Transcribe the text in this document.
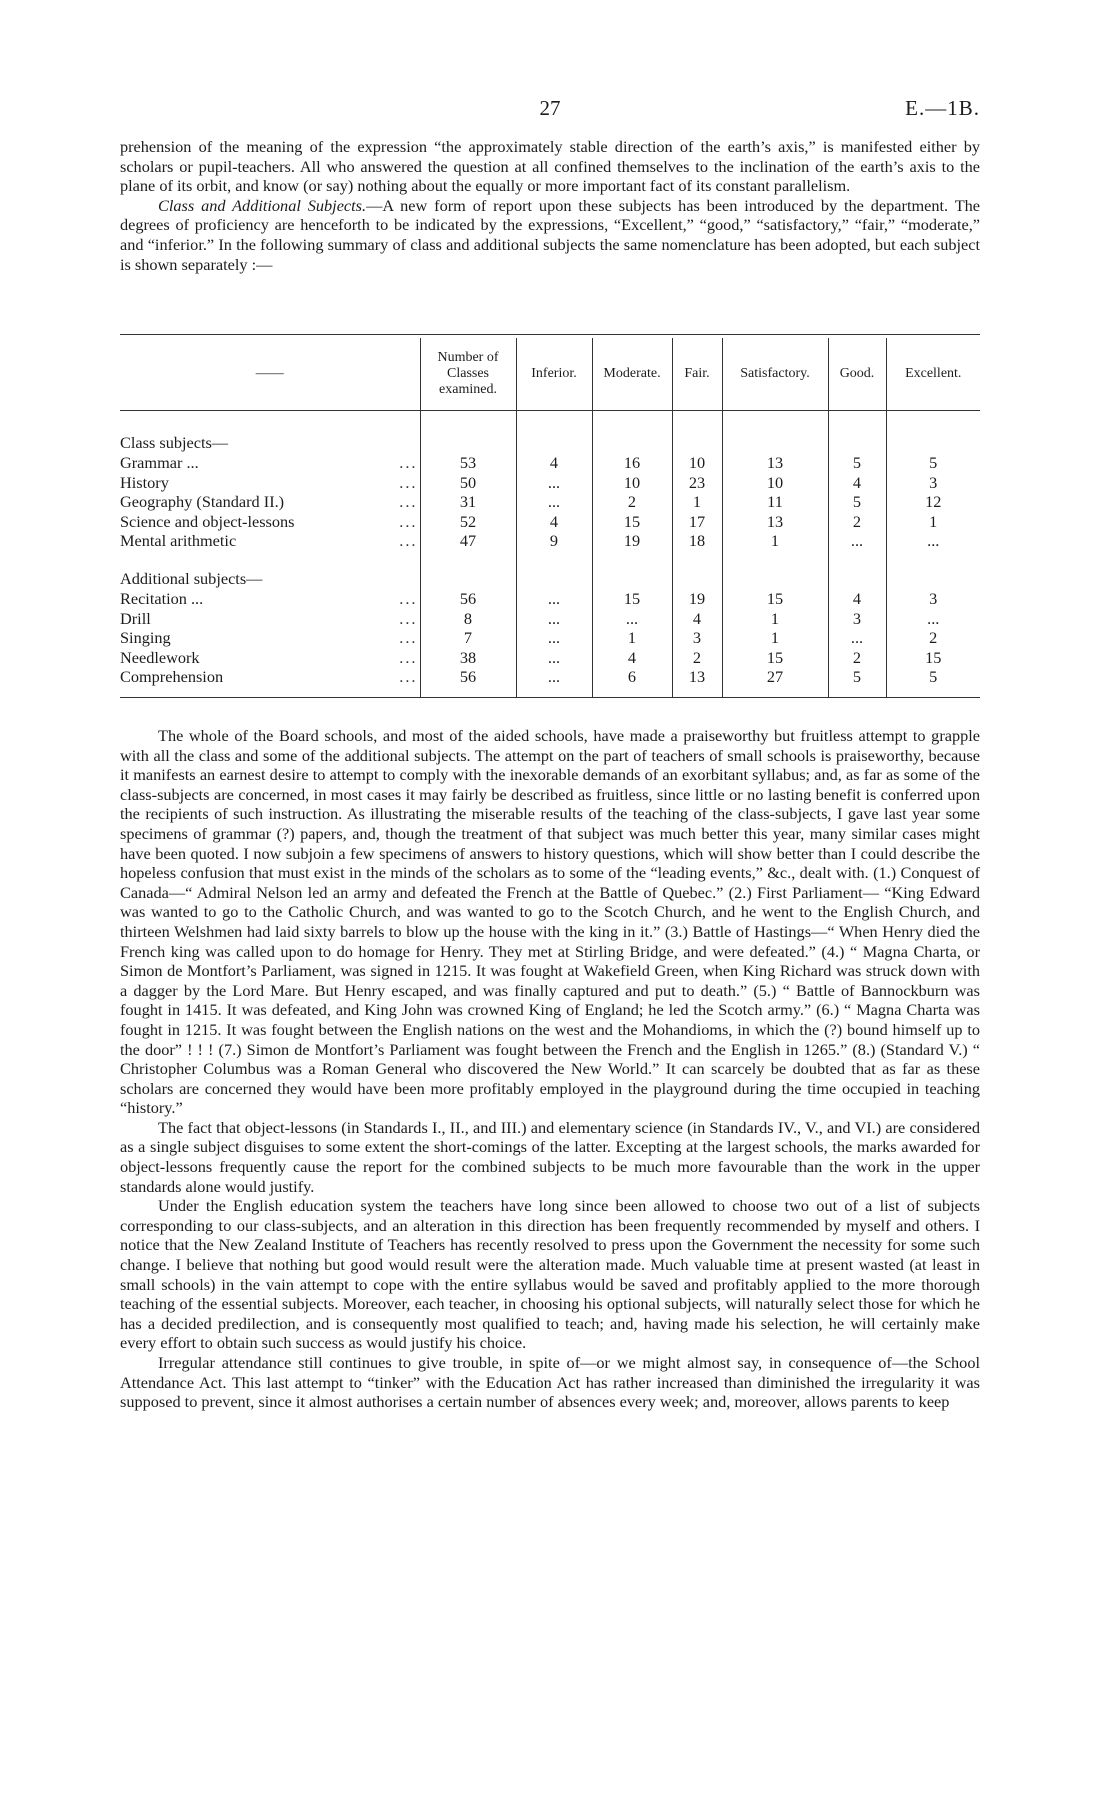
27	E.—1B.

prehension of the meaning of the expression “the approximately stable direction of the earth’s axis,” is manifested either by scholars or pupil-teachers. All who answered the question at all confined themselves to the inclination of the earth’s axis to the plane of its orbit, and know (or say) nothing about the equally or more important fact of its constant parallelism.

Class and Additional Subjects.—A new form of report upon these subjects has been introduced by the department. The degrees of proficiency are henceforth to be indicated by the expressions, “Excellent,” “good,” “satisfactory,” “fair,” “moderate,” and “inferior.” In the following summary of class and additional subjects the same nomenclature has been adopted, but each subject is shown separately :—

——	Number of Classes examined.	Inferior.	Moderate.	Fair.	Satisfactory.	Good.	Excellent.

Class subjects—							
Grammar ... ...	53	4	16	10	13	5	5
History ...	50	...	10	23	10	4	3
Geography (Standard II.) ...	31	...	2	1	11	5	12
Science and object-lessons ...	52	4	15	17	13	2	1
Mental arithmetic ...	47	9	19	18	1	...	...

Additional subjects—							
Recitation ... ...	56	...	15	19	15	4	3
Drill ...	8	...	...	4	1	3	...
Singing ...	7	...	1	3	1	...	2
Needlework ...	38	...	4	2	15	2	15
Comprehension ...	56	...	6	13	27	5	5

The whole of the Board schools, and most of the aided schools, have made a praiseworthy but fruitless attempt to grapple with all the class and some of the additional subjects. The attempt on the part of teachers of small schools is praiseworthy, because it manifests an earnest desire to attempt to comply with the inexorable demands of an exorbitant syllabus; and, as far as some of the class-subjects are concerned, in most cases it may fairly be described as fruitless, since little or no lasting benefit is conferred upon the recipients of such instruction. As illustrating the miserable results of the teaching of the class-subjects, I gave last year some specimens of grammar (?) papers, and, though the treatment of that subject was much better this year, many similar cases might have been quoted. I now subjoin a few specimens of answers to history questions, which will show better than I could describe the hopeless confusion that must exist in the minds of the scholars as to some of the “leading events,” &c., dealt with. (1.) Conquest of Canada—“ Admiral Nelson led an army and defeated the French at the Battle of Quebec.” (2.) First Parliament— “King Edward was wanted to go to the Catholic Church, and was wanted to go to the Scotch Church, and he went to the English Church, and thirteen Welshmen had laid sixty barrels to blow up the house with the king in it.” (3.) Battle of Hastings—“ When Henry died the French king was called upon to do homage for Henry. They met at Stirling Bridge, and were defeated.” (4.) “ Magna Charta, or Simon de Montfort’s Parliament, was signed in 1215. It was fought at Wakefield Green, when King Richard was struck down with a dagger by the Lord Mare. But Henry escaped, and was finally captured and put to death.” (5.) “ Battle of Bannockburn was fought in 1415. It was defeated, and King John was crowned King of England; he led the Scotch army.” (6.) “ Magna Charta was fought in 1215. It was fought between the English nations on the west and the Mohandioms, in which the (?) bound himself up to the door” ! ! ! (7.) Simon de Montfort’s Parliament was fought between the French and the English in 1265.” (8.) (Standard V.) “ Christopher Columbus was a Roman General who discovered the New World.” It can scarcely be doubted that as far as these scholars are concerned they would have been more profitably employed in the playground during the time occupied in teaching “history.”

The fact that object-lessons (in Standards I., II., and III.) and elementary science (in Standards IV., V., and VI.) are considered as a single subject disguises to some extent the short-comings of the latter. Excepting at the largest schools, the marks awarded for object-lessons frequently cause the report for the combined subjects to be much more favourable than the work in the upper standards alone would justify.

Under the English education system the teachers have long since been allowed to choose two out of a list of subjects corresponding to our class-subjects, and an alteration in this direction has been frequently recommended by myself and others. I notice that the New Zealand Institute of Teachers has recently resolved to press upon the Government the necessity for some such change. I believe that nothing but good would result were the alteration made. Much valuable time at present wasted (at least in small schools) in the vain attempt to cope with the entire syllabus would be saved and profitably applied to the more thorough teaching of the essential subjects. Moreover, each teacher, in choosing his optional subjects, will naturally select those for which he has a decided predilection, and is consequently most qualified to teach; and, having made his selection, he will certainly make every effort to obtain such success as would justify his choice.

Irregular attendance still continues to give trouble, in spite of—or we might almost say, in consequence of—the School Attendance Act. This last attempt to “tinker” with the Education Act has rather increased than diminished the irregularity it was supposed to prevent, since it almost authorises a certain number of absences every week; and, moreover, allows parents to keep
